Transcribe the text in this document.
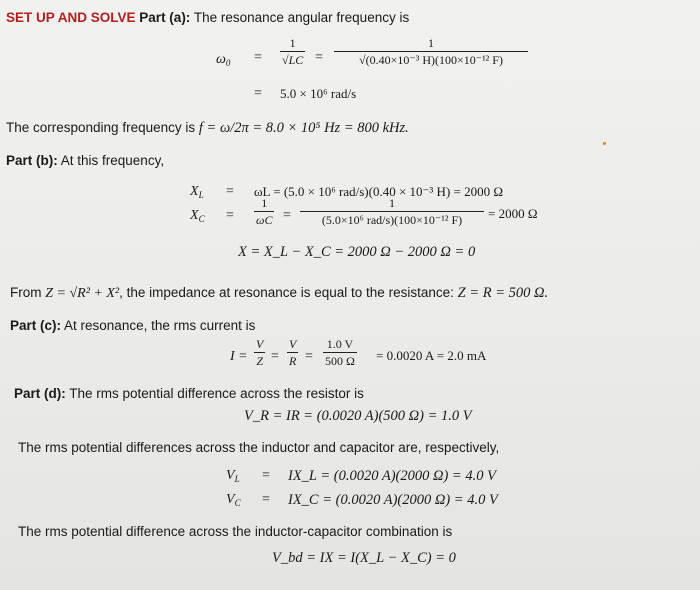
SET UP AND SOLVE Part (a): The resonance angular frequency is
$\omega_0 = \frac{1}{√LC} = \frac{1}{\text{√(0.40×10⁻³ H)(100×10⁻¹² F)}}$
= 5.0 × 10⁶ rad/s
The corresponding frequency is f = ω/2π = 8.0 × 10⁵ Hz = 800 kHz.
Part (b): At this frequency,
$X_L = \omega L = (5.0 \times 10^6$ rad/s)(0.40 × 10⁻³ H) = 2000 Ω
$X_C = \frac{1}{\omega C}$ =
1
(5.0×10⁶ rad/s)(100×10⁻¹² F)	= 2000 Ω
X = X_L − X_C = 2000 Ω − 2000 Ω = 0
From Z = √R² + X², the impedance at resonance is equal to the resistance: Z = R = 500 Ω.
Part (c): At resonance, the rms current is
$I = \frac{V}{Z} = \frac{V}{R} = \frac{1.0 V}{500 \Omega} = 0.0020$ A = 2.0 mA
Part (d): The rms potential difference across the resistor is
V_R = IR = (0.0020 A)(500 Ω) = 1.0 V
The rms potential differences across the inductor and capacitor are, respectively,
$V_L$ = IX_L = (0.0020 A)(2000 Ω) = 4.0 V
$V_C$ = IX_C = (0.0020 A)(2000 Ω) = 4.0 V
The rms potential difference across the inductor-capacitor combination is
V_bd = IX = I(X_L − X_C) = 0
